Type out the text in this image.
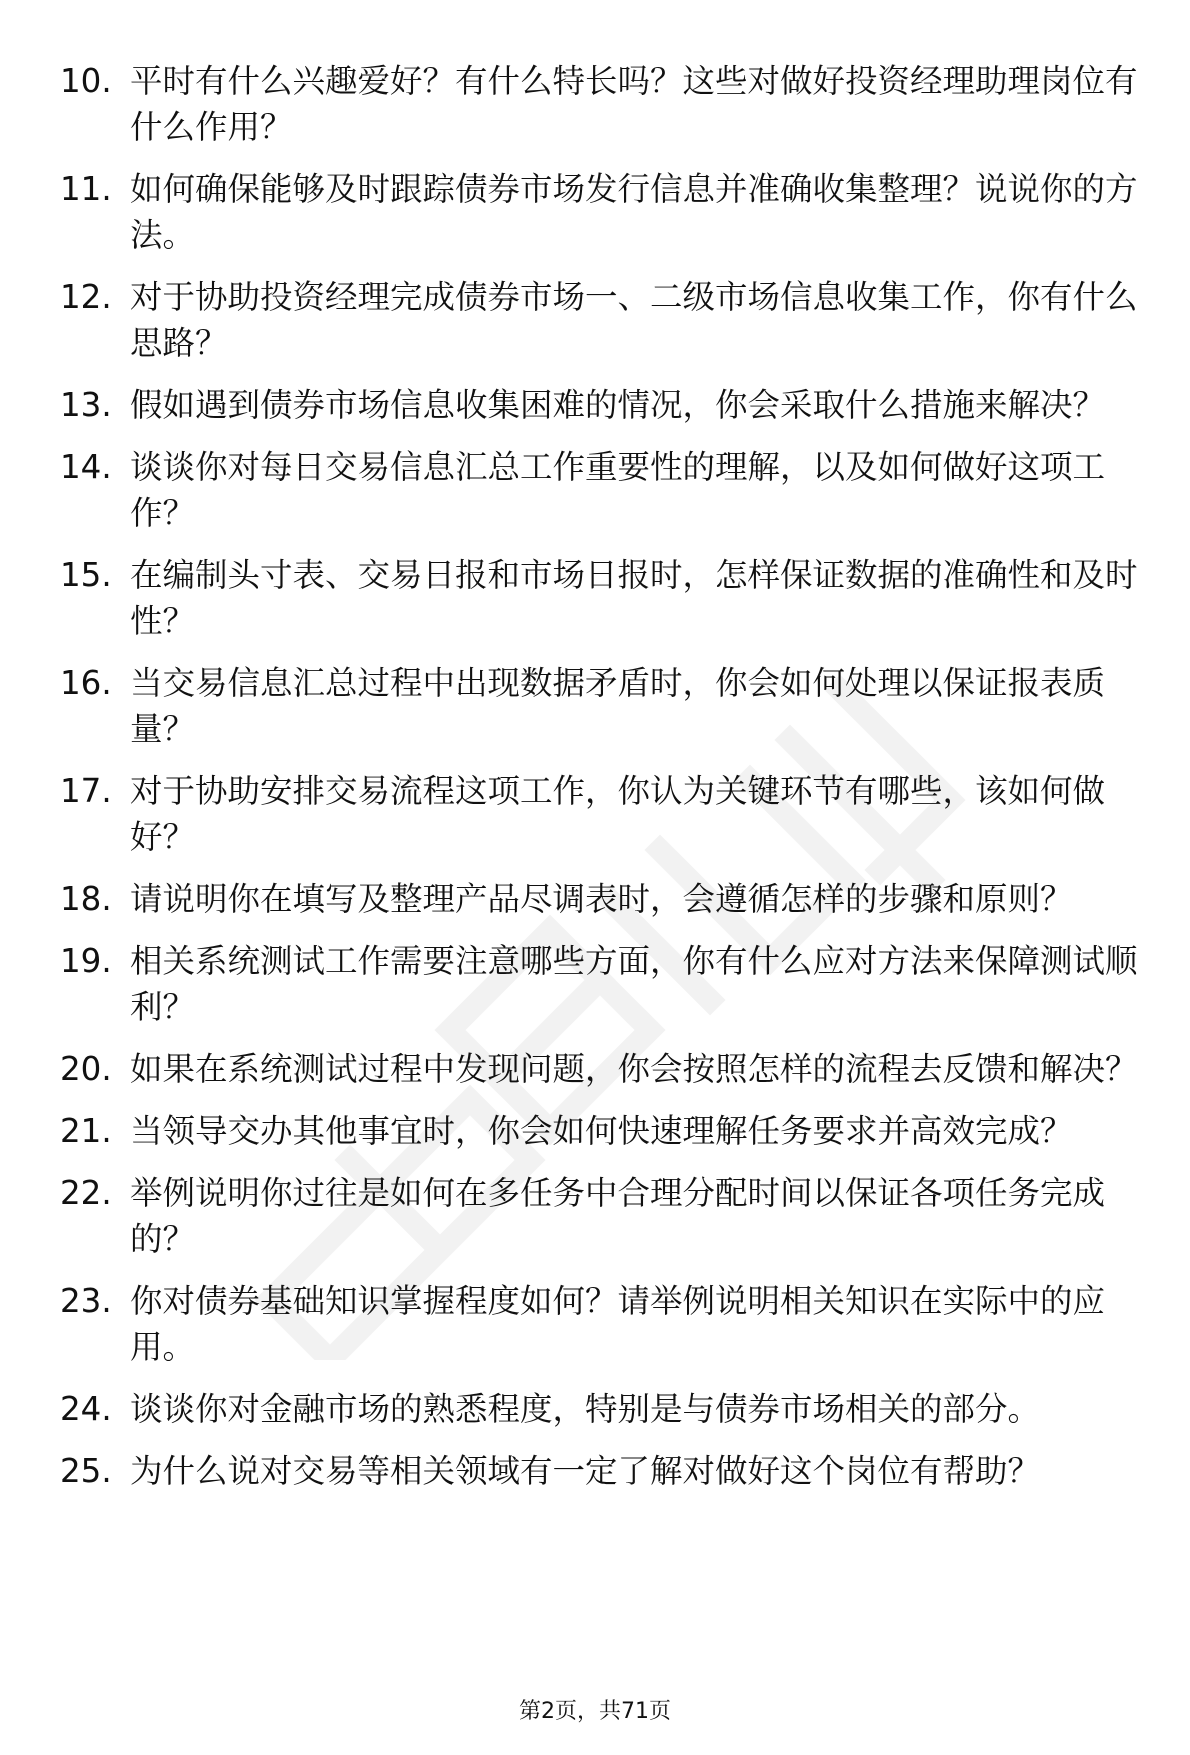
10. 平时有什么兴趣爱好？有什么特长吗？这些对做好投资经理助理岗位有什么作用？
11. 如何确保能够及时跟踪债券市场发行信息并准确收集整理？说说你的方法。
12. 对于协助投资经理完成债券市场一、二级市场信息收集工作，你有什么思路？
13. 假如遇到债券市场信息收集困难的情况，你会采取什么措施来解决？
14. 谈谈你对每日交易信息汇总工作重要性的理解，以及如何做好这项工作？
15. 在编制头寸表、交易日报和市场日报时，怎样保证数据的准确性和及时性？
16. 当交易信息汇总过程中出现数据矛盾时，你会如何处理以保证报表质量？
17. 对于协助安排交易流程这项工作，你认为关键环节有哪些，该如何做好？
18. 请说明你在填写及整理产品尽调表时，会遵循怎样的步骤和原则？
19. 相关系统测试工作需要注意哪些方面，你有什么应对方法来保障测试顺利？
20. 如果在系统测试过程中发现问题，你会按照怎样的流程去反馈和解决？
21. 当领导交办其他事宜时，你会如何快速理解任务要求并高效完成？
22. 举例说明你过往是如何在多任务中合理分配时间以保证各项任务完成的？
23. 你对债券基础知识掌握程度如何？请举例说明相关知识在实际中的应用。
24. 谈谈你对金融市场的熟悉程度，特别是与债券市场相关的部分。
25. 为什么说对交易等相关领域有一定了解对做好这个岗位有帮助？
第2页，共71页
